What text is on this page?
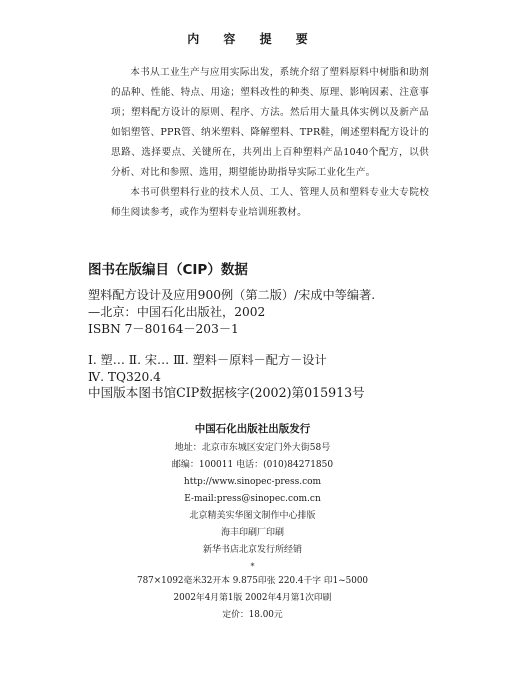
内 容 提 要

本书从工业生产与应用实际出发，系统介绍了塑料原料中树脂和助剂的品种、性能、特点、用途；塑料改性的种类、原理、影响因素、注意事项；塑料配方设计的原则、程序、方法。然后用大量具体实例以及新产品如铝塑管、PPR管、纳米塑料、降解塑料、TPR鞋，阐述塑料配方设计的思路、选择要点、关键所在，共列出上百种塑料产品1040个配方，以供分析、对比和参照、选用，期望能协助指导实际工业化生产。

本书可供塑料行业的技术人员、工人、管理人员和塑料专业大专院校师生阅读参考，或作为塑料专业培训班教材。

图书在版编目（CIP）数据
塑料配方设计及应用900例（第二版）/宋成中等编著.
—北京：中国石化出版社，2002
ISBN 7－80164－203－1
Ⅰ. 塑… Ⅱ. 宋… Ⅲ. 塑料－原料－配方－设计
Ⅳ. TQ320.4
中国版本图书馆CIP数据核字(2002)第015913号
中国石化出版社出版发行
地址：北京市东城区安定门外大街58号
邮编：100011 电话：(010)84271850
http://www.sinopec-press.com
E-mail:press@sinopec.com.cn
北京精美实华图文制作中心排版
海丰印刷厂印刷
新华书店北京发行所经销
*
787×1092毫米32开本 9.875印张 220.4千字 印1~5000
2002年4月第1版 2002年4月第1次印刷
定价：18.00元
